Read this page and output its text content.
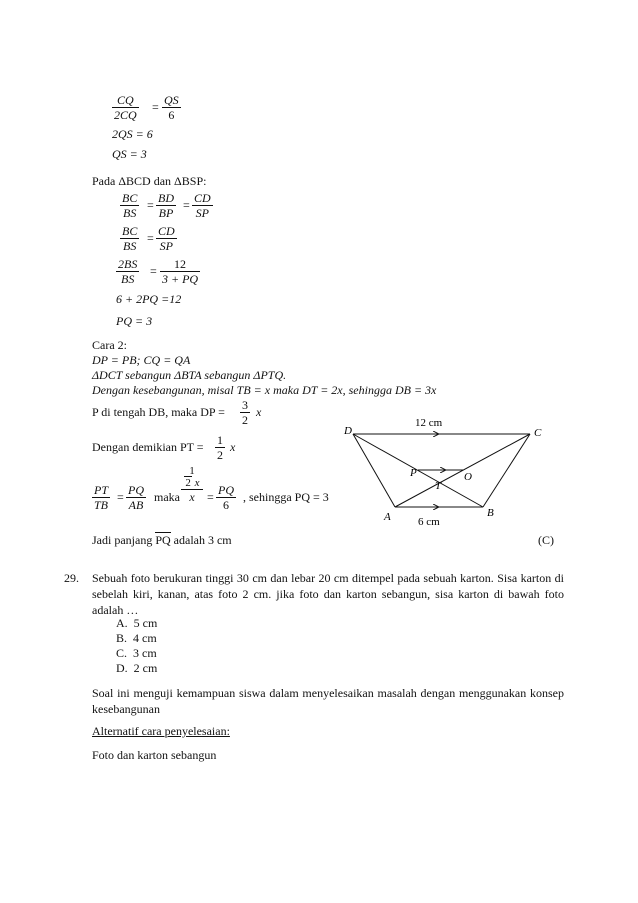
$\frac{CQ}{2CQ} = \frac{QS}{6}$
2QS = 6
QS = 3
Pada ΔBCD dan ΔBSP:
$\frac{BC}{BS} = \frac{BD}{BP} = \frac{CD}{SP}$
$\frac{BC}{BS} = \frac{CD}{SP}$
$\frac{2BS}{BS} = \frac{12}{3 + PQ}$
6 + 2PQ =12
PQ = 3
Cara 2:
DP = PB; CQ = QA
ΔDCT sebangun ΔBTA sebangun ΔPTQ.
Dengan kesebangunan, misal TB = x maka DT = 2x, sehingga DB = 3x
P di tengah DB, maka DP = $\frac{3}{2}$ x
Dengan demikian PT = $\frac{1}{2}$ x
$\frac{PT}{TB} = \frac{PQ}{AB}$ maka
1
2 x
x	= $\frac{PQ}{6}$ , sehingga PQ = 3
Jadi panjang PQ adalah 3 cm	(C)
D	C
A	B
P	O
T
12 cm
6 cm
29. Sebuah foto berukuran tinggi 30 cm dan lebar 20 cm ditempel pada sebuah karton. Sisa karton di sebelah kiri, kanan, atas foto 2 cm. jika foto dan karton sebangun, sisa karton di bawah foto adalah …
A. 5 cm
B. 4 cm
C. 3 cm
D. 2 cm
Soal ini menguji kemampuan siswa dalam menyelesaikan masalah dengan menggunakan konsep kesebangunan
Alternatif cara penyelesaian:
Foto dan karton sebangun
